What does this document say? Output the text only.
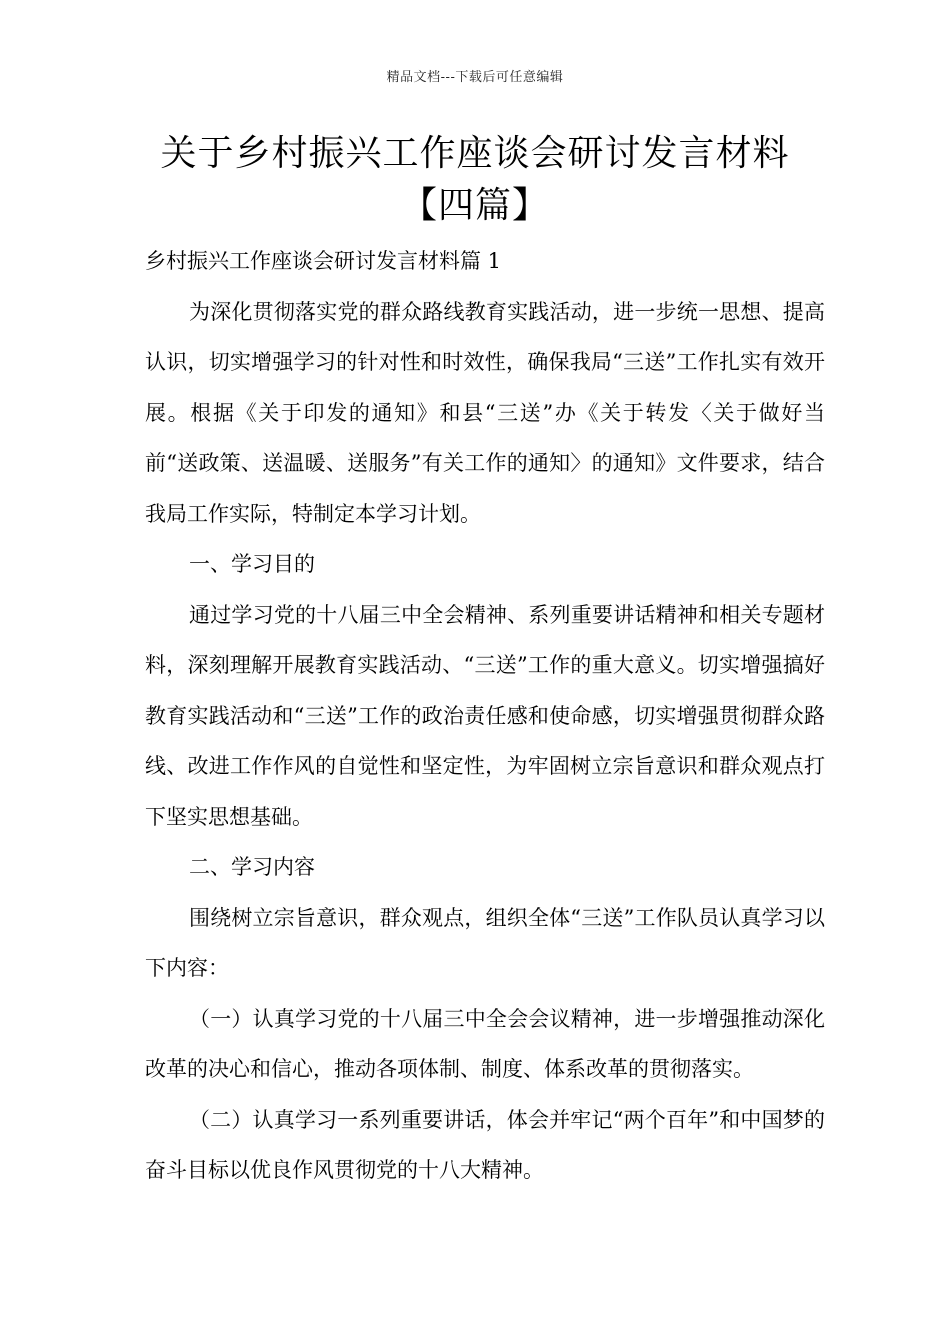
精品文档---下载后可任意编辑
关于乡村振兴工作座谈会研讨发言材料
【四篇】

乡村振兴工作座谈会研讨发言材料篇 1

为深化贯彻落实党的群众路线教育实践活动，进一步统一思想、提高认识，切实增强学习的针对性和时效性，确保我局“三送”工作扎实有效开展。根据《关于印发的通知》和县“三送”办《关于转发〈关于做好当前“送政策、送温暖、送服务”有关工作的通知〉的通知》文件要求，结合我局工作实际，特制定本学习计划。

一、学习目的

通过学习党的十八届三中全会精神、系列重要讲话精神和相关专题材料，深刻理解开展教育实践活动、“三送”工作的重大意义。切实增强搞好教育实践活动和“三送”工作的政治责任感和使命感，切实增强贯彻群众路线、改进工作作风的自觉性和坚定性，为牢固树立宗旨意识和群众观点打下坚实思想基础。

二、学习内容

围绕树立宗旨意识，群众观点，组织全体“三送”工作队员认真学习以下内容：

（一）认真学习党的十八届三中全会会议精神，进一步增强推动深化改革的决心和信心，推动各项体制、制度、体系改革的贯彻落实。

（二）认真学习一系列重要讲话，体会并牢记“两个百年”和中国梦的奋斗目标以优良作风贯彻党的十八大精神。
